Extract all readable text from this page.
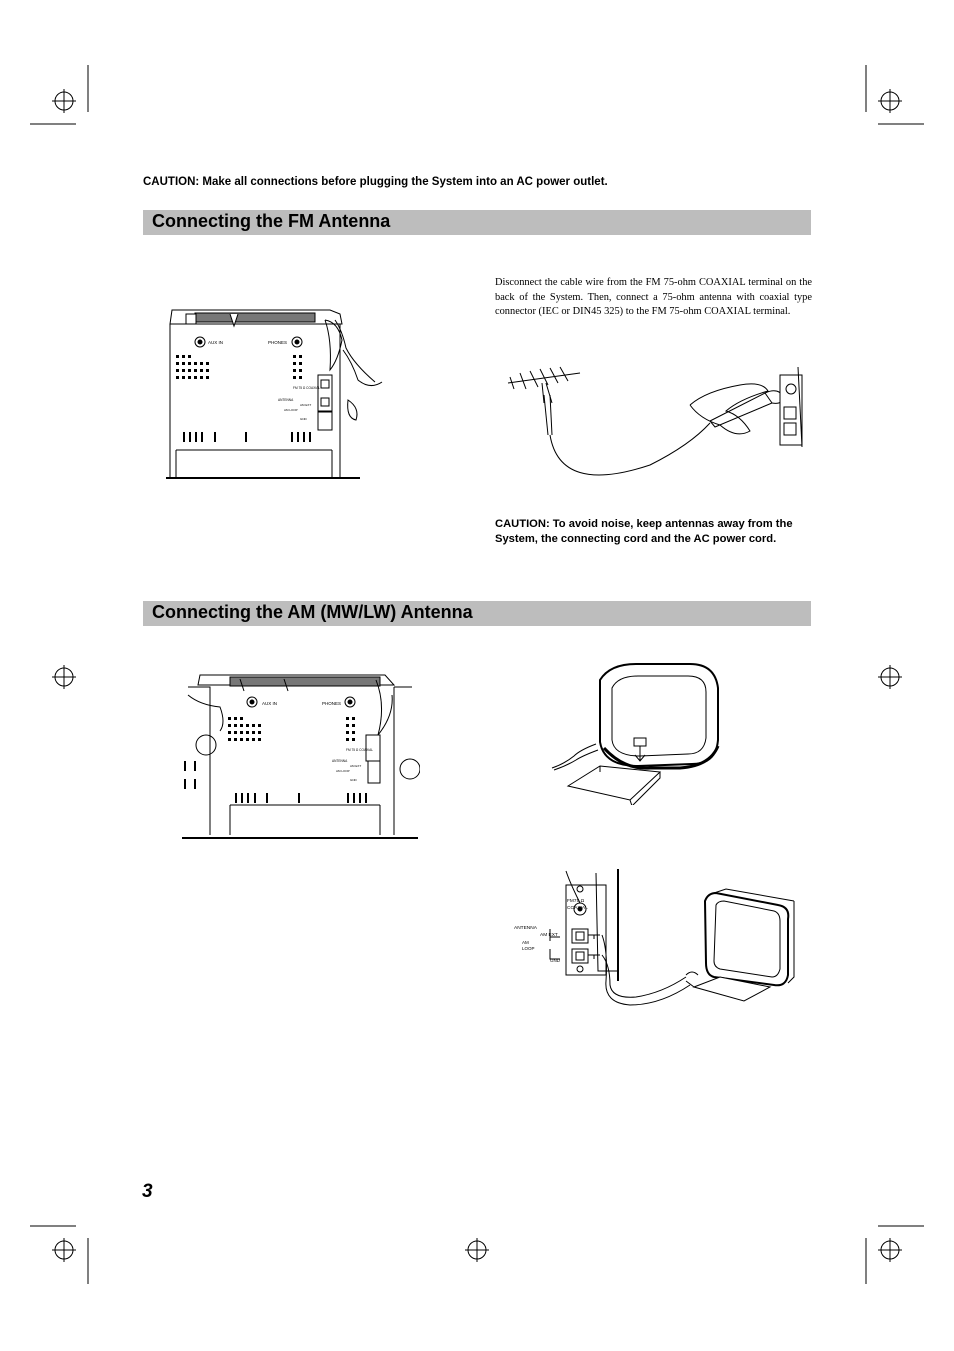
CAUTION: Make all connections before plugging the System into an AC power outlet.
Connecting the FM Antenna
AUX IN	PHONES
FM 75 Ω COAXIAL
ANTENNA
AM EXT
AM LOOP
GND
Disconnect the cable wire from the FM 75-ohm COAXIAL terminal on the back of the System. Then, connect a 75-ohm antenna with coaxial type connector (IEC or DIN45 325) to the FM 75-ohm COAXIAL terminal.
CAUTION: To avoid noise, keep antennas away from the System, the connecting cord and the AC power cord.
Connecting the AM (MW/LW) Antenna
AUX IN	PHONES
FM 75 Ω COAXIAL
ANTENNA
AM EXT
AM LOOP
GND
FM75 Ω
COAXIAL
ANTENNA
AM EXT
AM
LOOP
GND
3
